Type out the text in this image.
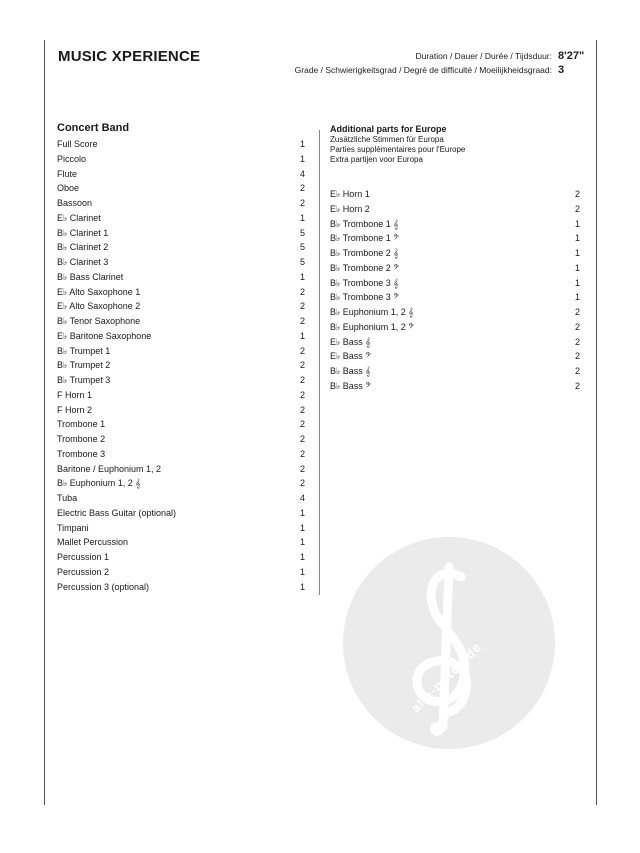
MUSIC XPERIENCE	Duration / Dauer / Durée / Tijdsduur: 8'27"
Grade / Schwierigkeitsgrad / Degré de difficulté / Moeilijkheidsgraad: 3
Concert Band
Full Score	1
Piccolo	1
Flute	4
Oboe	2
Bassoon	2
E♭ Clarinet	1
B♭ Clarinet 1	5
B♭ Clarinet 2	5
B♭ Clarinet 3	5
B♭ Bass Clarinet	1
E♭ Alto Saxophone 1	2
E♭ Alto Saxophone 2	2
B♭ Tenor Saxophone	2
E♭ Baritone Saxophone	1
B♭ Trumpet 1	2
B♭ Trumpet 2	2
B♭ Trumpet 3	2
F Horn 1	2
F Horn 2	2
Trombone 1	2
Trombone 2	2
Trombone 3	2
Baritone / Euphonium 1, 2	2
B♭ Euphonium 1, 2 𝄞	2
Tuba	4
Electric Bass Guitar (optional)	1
Timpani	1
Mallet Percussion	1
Percussion 1	1
Percussion 2	1
Percussion 3 (optional)	1
Additional parts for Europe
Zusätzliche Stimmen für Europa
Parties supplémentaires pour l'Europe
Extra partijen voor Europa
E♭ Horn 1	2
E♭ Horn 2	2
B♭ Trombone 1 𝄞	1
B♭ Trombone 1 𝄢	1
B♭ Trombone 2 𝄞	1
B♭ Trombone 2 𝄢	1
B♭ Trombone 3 𝄞	1
B♭ Trombone 3 𝄢	1
B♭ Euphonium 1, 2 𝄞	2
B♭ Euphonium 1, 2 𝄢	2
E♭ Bass 𝄞	2
E♭ Bass 𝄢	2
B♭ Bass 𝄞	2
B♭ Bass 𝄢	2
alle-noten.de
